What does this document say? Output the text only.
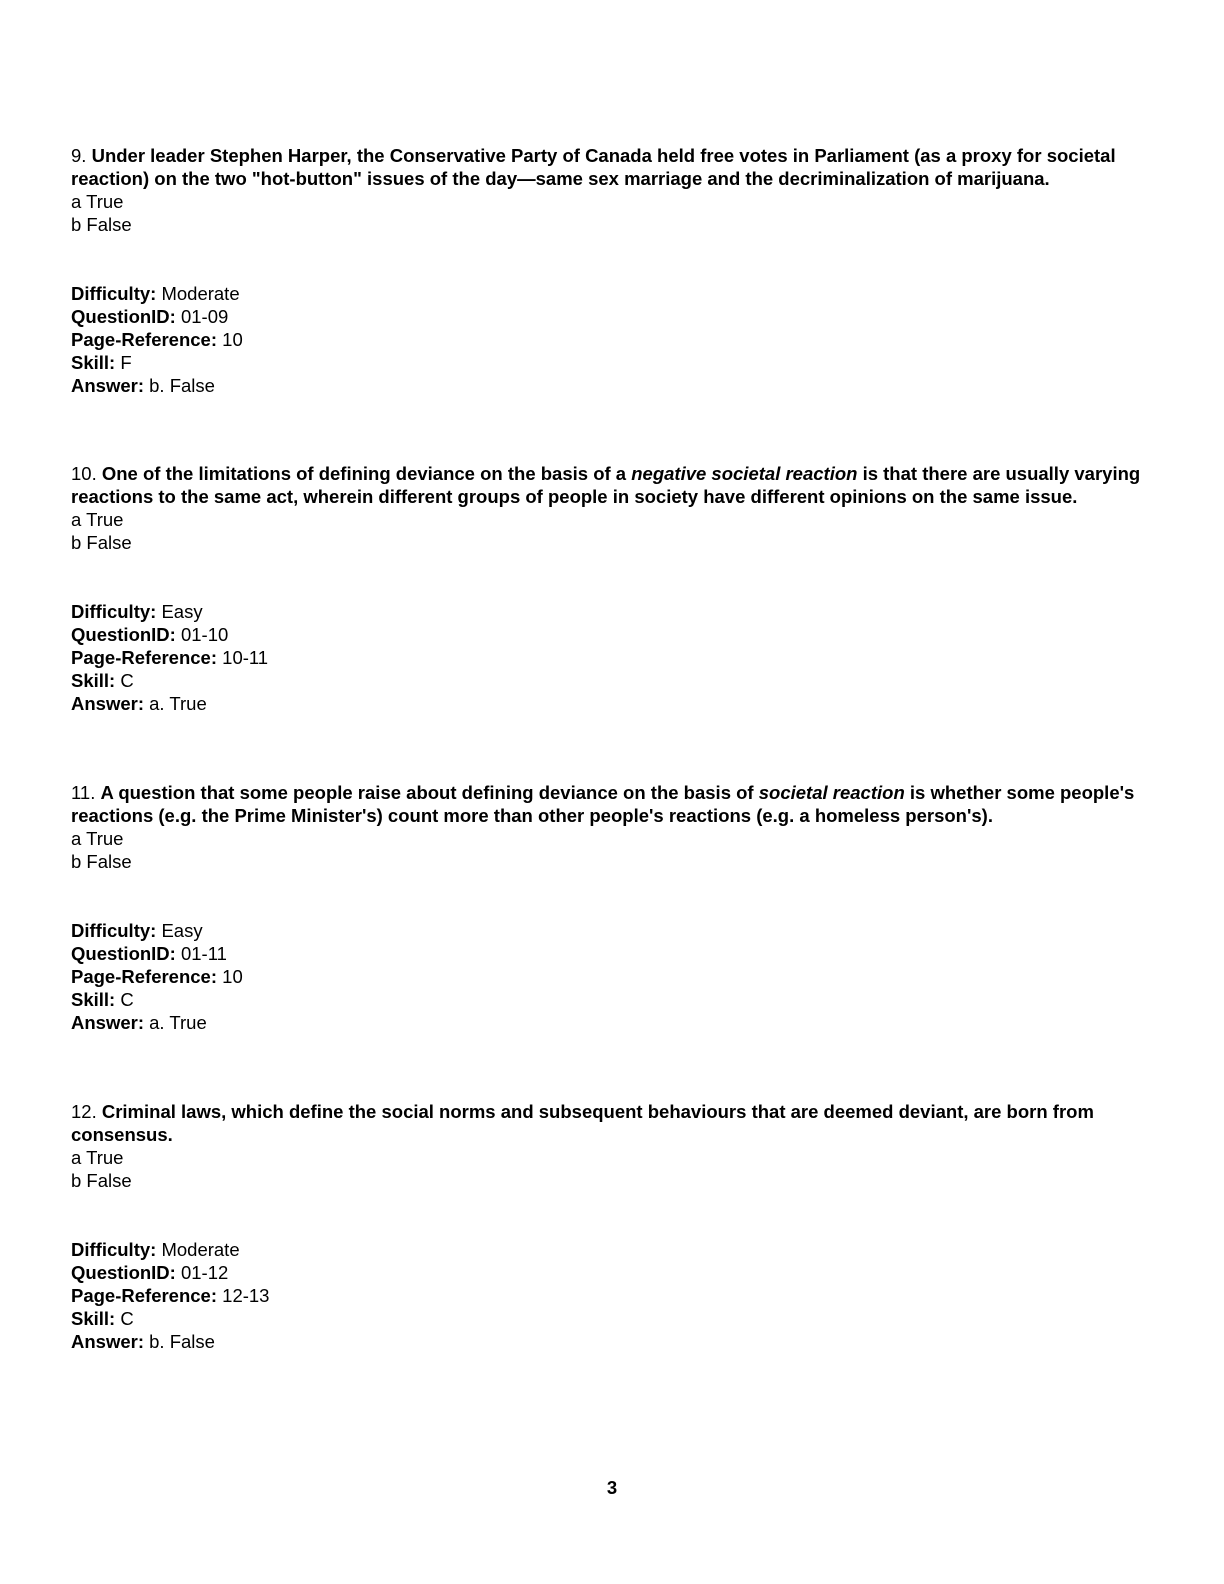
9. Under leader Stephen Harper, the Conservative Party of Canada held free votes in Parliament (as a proxy for societal reaction) on the two "hot-button" issues of the day—same sex marriage and the decriminalization of marijuana.

a True

b False

Difficulty: Moderate

QuestionID: 01-09

Page-Reference: 10

Skill: F

Answer: b. False

10. One of the limitations of defining deviance on the basis of a negative societal reaction is that there are usually varying reactions to the same act, wherein different groups of people in society have different opinions on the same issue.

a True

b False

Difficulty: Easy

QuestionID: 01-10

Page-Reference: 10-11

Skill: C

Answer: a. True

11. A question that some people raise about defining deviance on the basis of societal reaction is whether some people's reactions (e.g. the Prime Minister's) count more than other people's reactions (e.g. a homeless person's).

a True

b False

Difficulty: Easy

QuestionID: 01-11

Page-Reference: 10

Skill: C

Answer: a. True

12. Criminal laws, which define the social norms and subsequent behaviours that are deemed deviant, are born from consensus.

a True

b False

Difficulty: Moderate

QuestionID: 01-12

Page-Reference: 12-13

Skill: C

Answer: b. False

3
